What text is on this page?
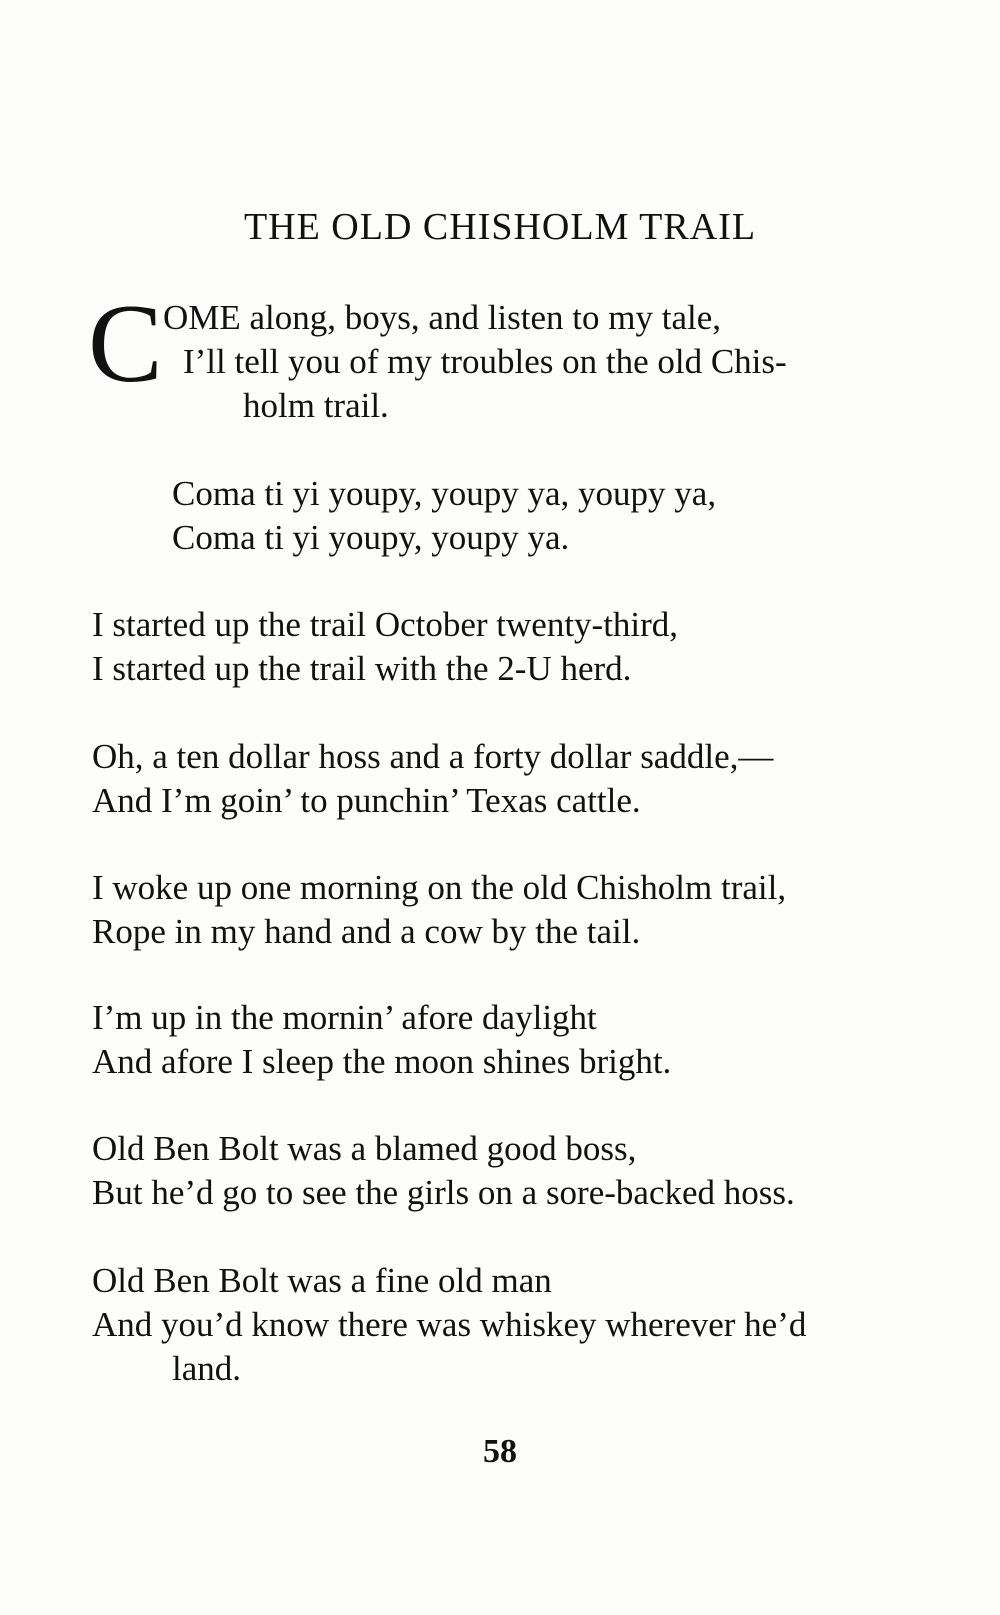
THE OLD CHISHOLM TRAIL
C OME along, boys, and listen to my tale,
I’ll tell you of my troubles on the old Chis-
holm trail.
Coma ti yi youpy, youpy ya, youpy ya,
Coma ti yi youpy, youpy ya.
I started up the trail October twenty-third,
I started up the trail with the 2-U herd.
Oh, a ten dollar hoss and a forty dollar saddle,—
And I’m goin’ to punchin’ Texas cattle.
I woke up one morning on the old Chisholm trail,
Rope in my hand and a cow by the tail.
I’m up in the mornin’ afore daylight
And afore I sleep the moon shines bright.
Old Ben Bolt was a blamed good boss,
But he’d go to see the girls on a sore-backed hoss.
Old Ben Bolt was a fine old man
And you’d know there was whiskey wherever he’d
land.
58
